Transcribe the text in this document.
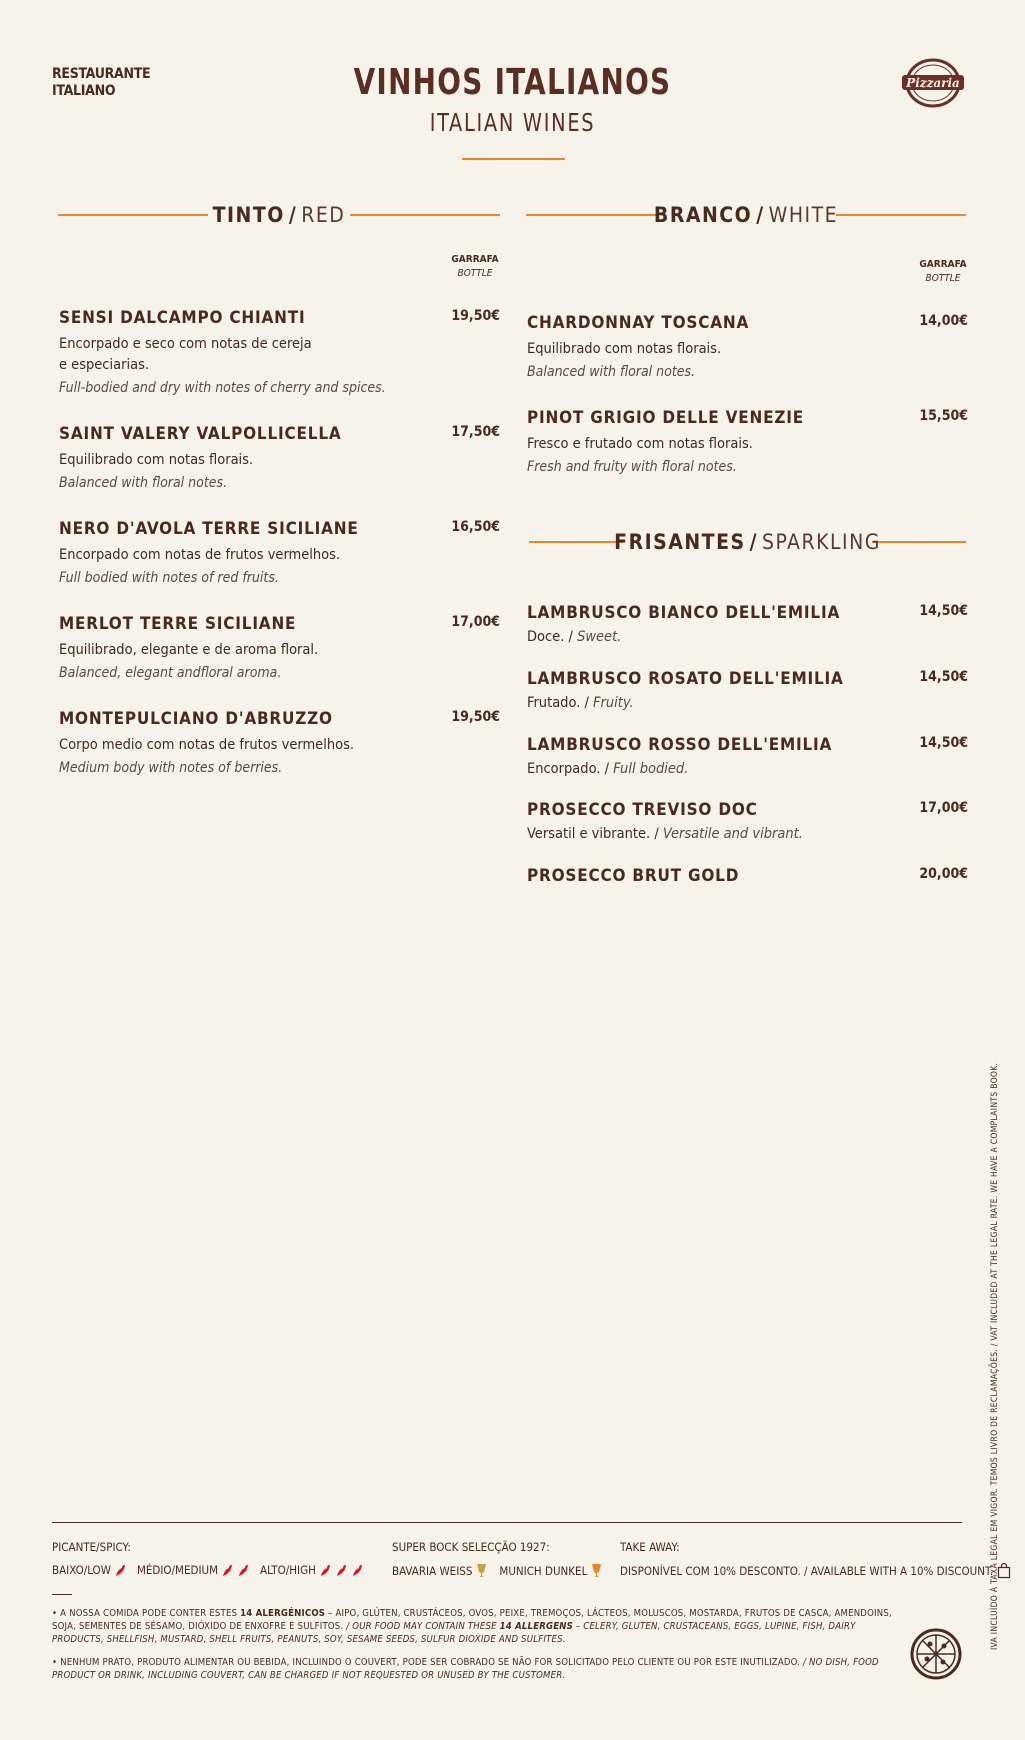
RESTAURANTE
ITALIANO	VINHOS ITALIANOS
ITALIAN WINES
Pizzaria
TINTO / RED
GARRAFA
BOTTLE
SENSI DALCAMPO CHIANTI	19,50€
Encorpado e seco com notas de cereja
e especiarias.
Full-bodied and dry with notes of cherry and spices.
SAINT VALERY VALPOLLICELLA	17,50€
Equilibrado com notas florais.
Balanced with floral notes.
NERO D'AVOLA TERRE SICILIANE	16,50€
Encorpado com notas de frutos vermelhos.
Full bodied with notes of red fruits.
MERLOT TERRE SICILIANE	17,00€
Equilibrado, elegante e de aroma floral.
Balanced, elegant andfloral aroma.
MONTEPULCIANO D'ABRUZZO	19,50€
Corpo medio com notas de frutos vermelhos.
Medium body with notes of berries.
BRANCO / WHITE
GARRAFA
BOTTLE
CHARDONNAY TOSCANA	14,00€
Equilibrado com notas florais.
Balanced with floral notes.
PINOT GRIGIO DELLE VENEZIE	15,50€
Fresco e frutado com notas florais.
Fresh and fruity with floral notes.
FRISANTES / SPARKLING
LAMBRUSCO BIANCO DELL'EMILIA	14,50€
Doce. / Sweet.
LAMBRUSCO ROSATO DELL'EMILIA	14,50€
Frutado. / Fruity.
LAMBRUSCO ROSSO DELL'EMILIA	14,50€
Encorpado. / Full bodied.
PROSECCO TREVISO DOC	17,00€
Versatil e vibrante. / Versatile and vibrant.
PROSECCO BRUT GOLD	20,00€
PICANTE/SPICY:
BAIXO/LOW MÉDIO/MEDIUM	ALTO/HIGH
SUPER BOCK SELECÇÃO 1927:
BAVARIA WEISS MUNICH DUNKEL
TAKE AWAY:
DISPONÍVEL COM 10% DESCONTO. / AVAILABLE WITH A 10% DISCOUNT.
• A NOSSA COMIDA PODE CONTER ESTES 14 ALERGÉNICOS – AIPO, GLÚTEN, CRUSTÁCEOS, OVOS, PEIXE, TREMOÇOS, LÁCTEOS, MOLUSCOS, MOSTARDA, FRUTOS DE CASCA, AMENDOINS, SOJA, SEMENTES DE SÉSAMO, DIÓXIDO DE ENXOFRE E SULFITOS. / OUR FOOD MAY CONTAIN THESE 14 ALLERGENS – CELERY, GLUTEN, CRUSTACEANS, EGGS, LUPINE, FISH, DAIRY PRODUCTS, SHELLFISH, MUSTARD, SHELL FRUITS, PEANUTS, SOY, SESAME SEEDS, SULFUR DIOXIDE AND SULFITES.
• NENHUM PRATO, PRODUTO ALIMENTAR OU BEBIDA, INCLUINDO O COUVERT, PODE SER COBRADO SE NÃO FOR SOLICITADO PELO CLIENTE OU POR ESTE INUTILIZADO. / NO DISH, FOOD PRODUCT OR DRINK, INCLUDING COUVERT, CAN BE CHARGED IF NOT REQUESTED OR UNUSED BY THE CUSTOMER.
IVA INCLUÍDO À TAXA LEGAL EM VIGOR. TEMOS LIVRO DE RECLAMAÇÕES. / VAT INCLUDED AT THE LEGAL RATE. WE HAVE A COMPLAINTS BOOK.
